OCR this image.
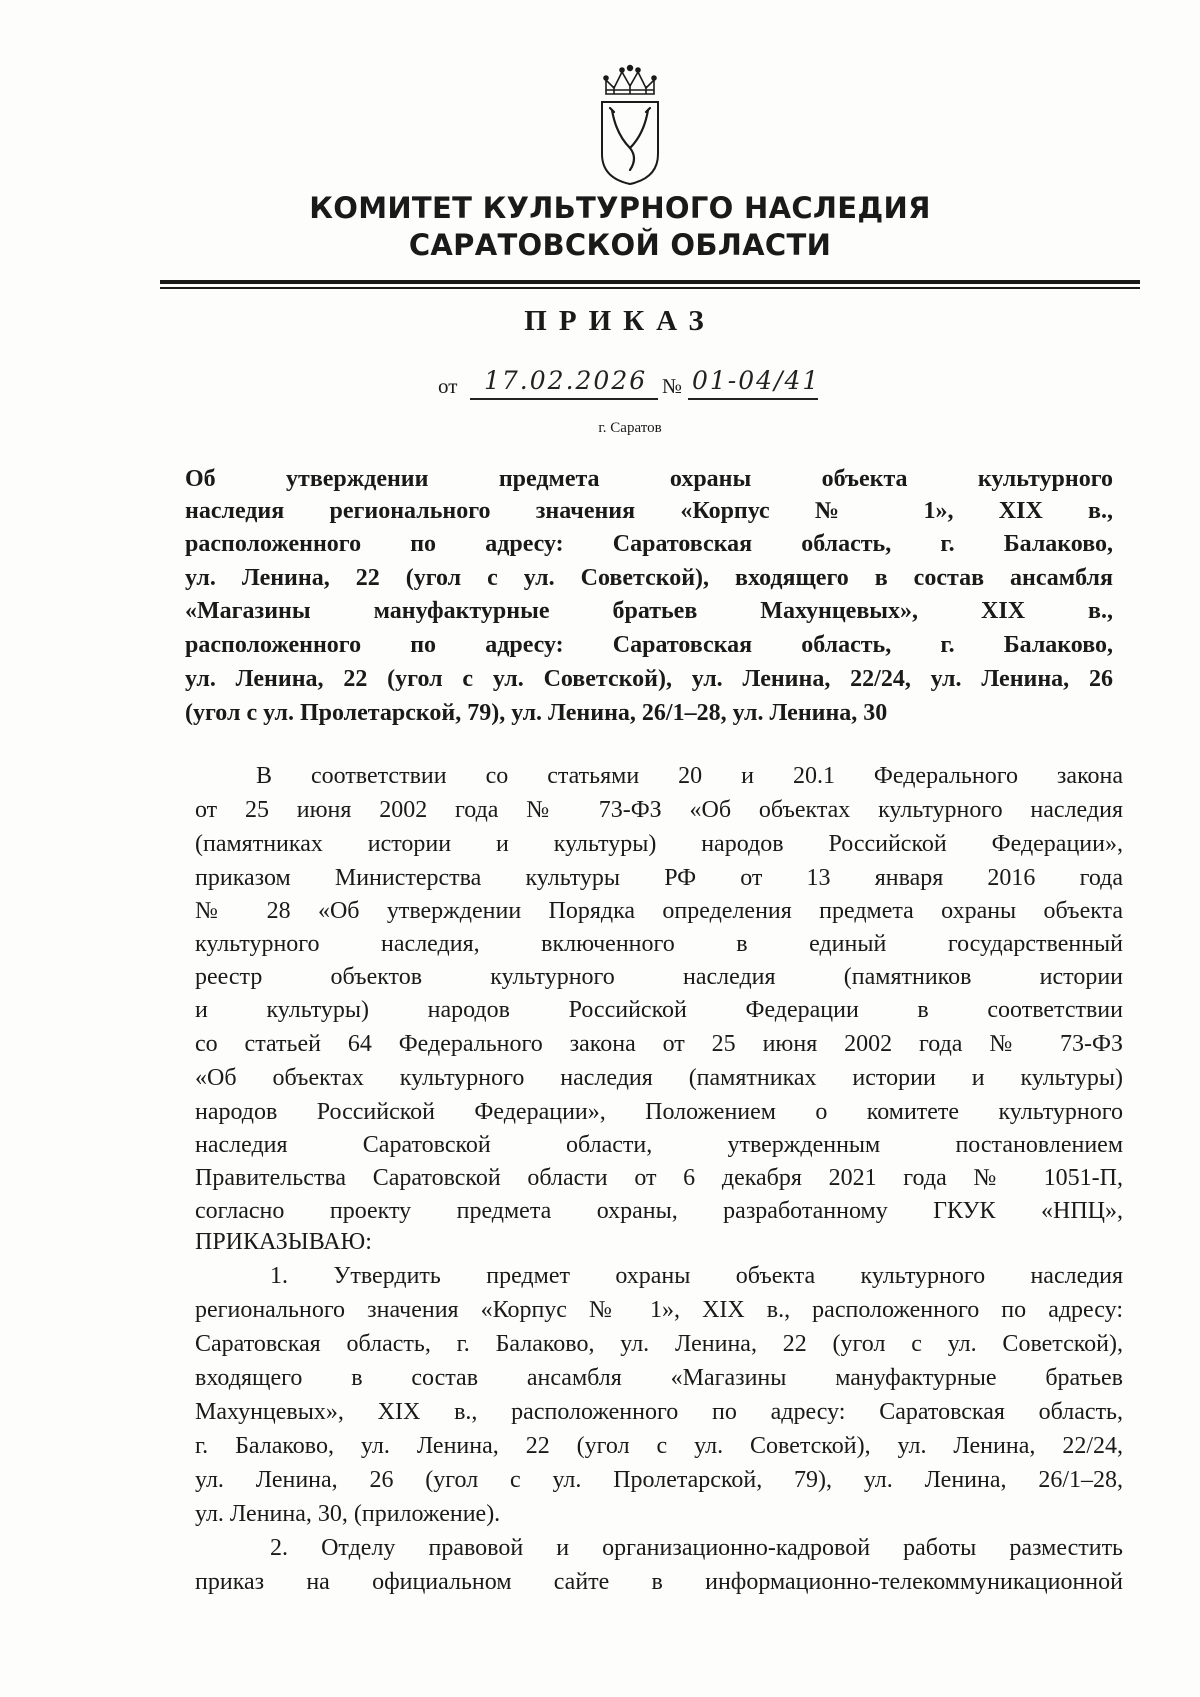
КОМИТЕТ КУЛЬТУРНОГО НАСЛЕДИЯ
САРАТОВСКОЙ ОБЛАСТИ
ПРИКАЗ
от 17.02.2026 № 01-04/41
г. Саратов
Об утверждении предмета охраны объекта культурного
наследия регионального значения «Корпус № 1», XIX в.,
расположенного по адресу: Саратовская область, г. Балаково,
ул. Ленина, 22 (угол с ул. Советской), входящего в состав ансамбля
«Магазины мануфактурные братьев Махунцевых», XIX в.,
расположенного по адресу: Саратовская область, г. Балаково,
ул. Ленина, 22 (угол с ул. Советской), ул. Ленина, 22/24, ул. Ленина, 26
(угол с ул. Пролетарской, 79), ул. Ленина, 26/1–28, ул. Ленина, 30
В соответствии со статьями 20 и 20.1 Федерального закона
от 25 июня 2002 года № 73-ФЗ «Об объектах культурного наследия
(памятниках истории и культуры) народов Российской Федерации»,
приказом Министерства культуры РФ от 13 января 2016 года
№ 28 «Об утверждении Порядка определения предмета охраны объекта
культурного наследия, включенного в единый государственный
реестр объектов культурного наследия (памятников истории
и культуры) народов Российской Федерации в соответствии
со статьей 64 Федерального закона от 25 июня 2002 года № 73-ФЗ
«Об объектах культурного наследия (памятниках истории и культуры)
народов Российской Федерации», Положением о комитете культурного
наследия Саратовской области, утвержденным постановлением
Правительства Саратовской области от 6 декабря 2021 года № 1051-П,
согласно проекту предмета охраны, разработанному ГКУК «НПЦ»,
ПРИКАЗЫВАЮ:
1. Утвердить предмет охраны объекта культурного наследия
регионального значения «Корпус № 1», XIX в., расположенного по адресу:
Саратовская область, г. Балаково, ул. Ленина, 22 (угол с ул. Советской),
входящего в состав ансамбля «Магазины мануфактурные братьев
Махунцевых», XIX в., расположенного по адресу: Саратовская область,
г. Балаково, ул. Ленина, 22 (угол с ул. Советской), ул. Ленина, 22/24,
ул. Ленина, 26 (угол с ул. Пролетарской, 79), ул. Ленина, 26/1–28,
ул. Ленина, 30, (приложение).
2. Отделу правовой и организационно-кадровой работы разместить
приказ на официальном сайте в информационно-телекоммуникационной
